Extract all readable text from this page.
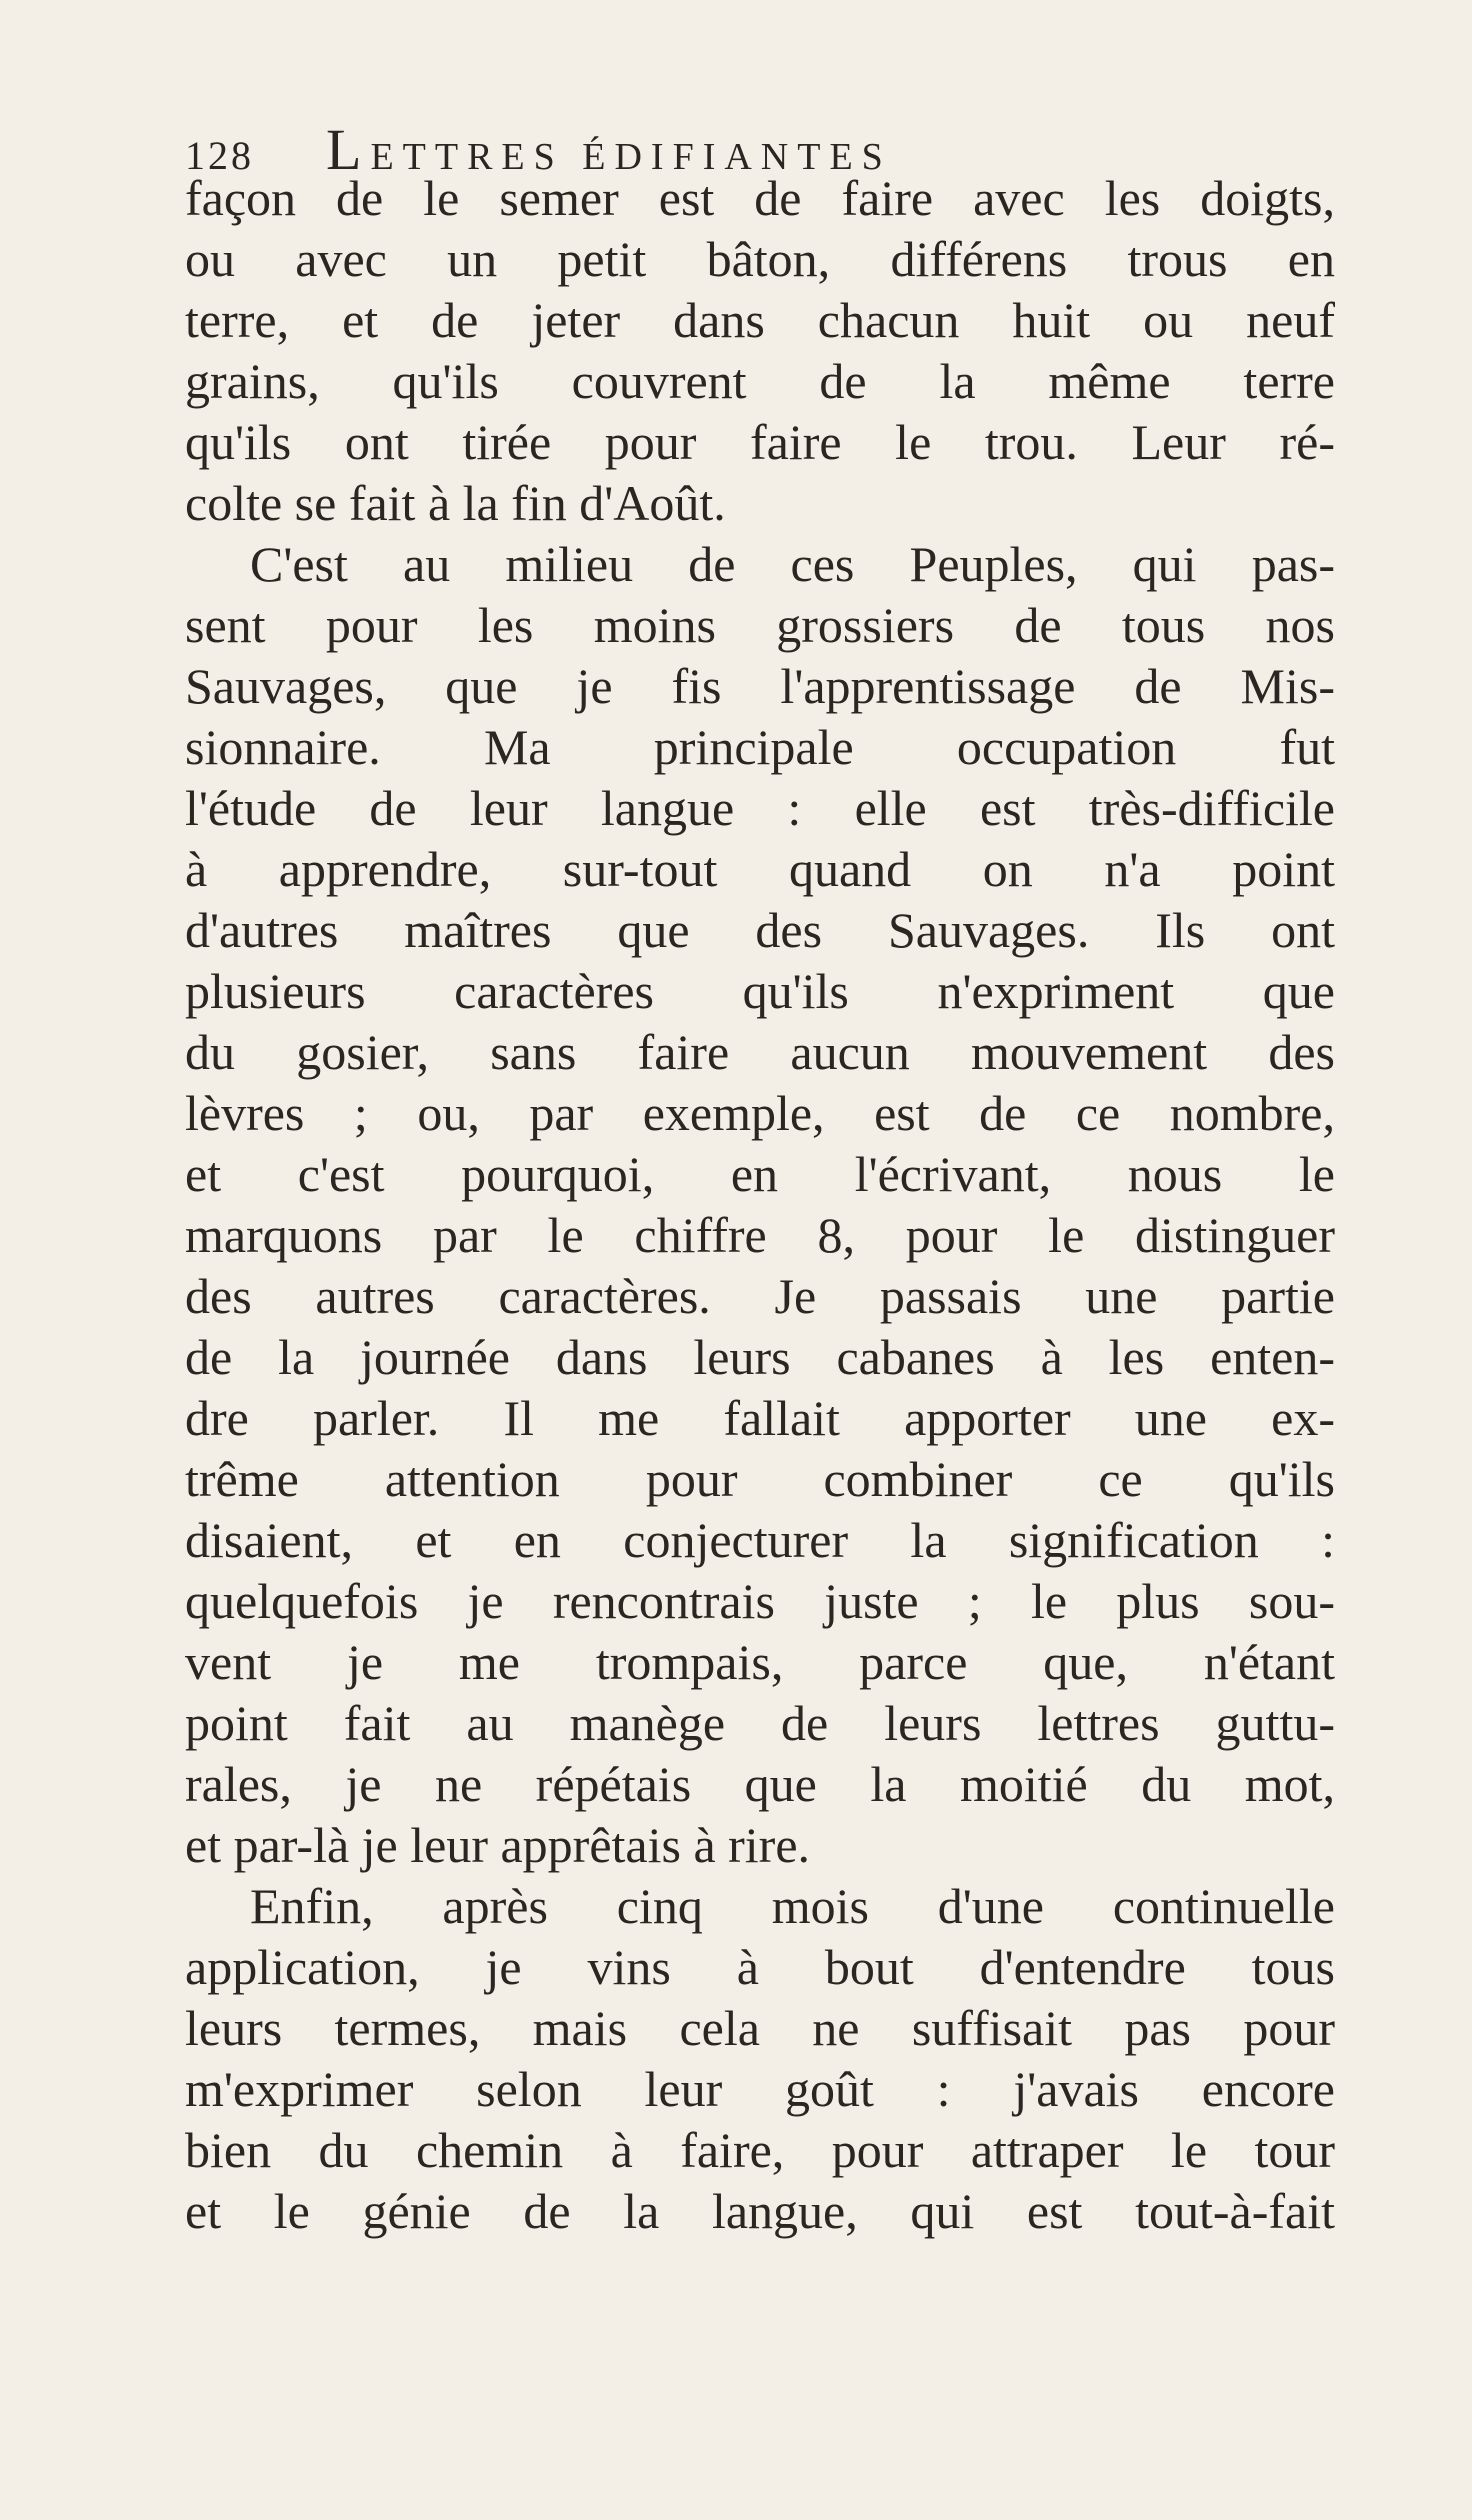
128 LETTRES ÉDIFIANTES
façon de le semer est de faire avec les doigts,
ou avec un petit bâton, différens trous en
terre, et de jeter dans chacun huit ou neuf
grains, qu'ils couvrent de la même terre
qu'ils ont tirée pour faire le trou. Leur ré-
colte se fait à la fin d'Août.
C'est au milieu de ces Peuples, qui pas-
sent pour les moins grossiers de tous nos
Sauvages, que je fis l'apprentissage de Mis-
sionnaire. Ma principale occupation fut
l'étude de leur langue : elle est très-difficile
à apprendre, sur-tout quand on n'a point
d'autres maîtres que des Sauvages. Ils ont
plusieurs caractères qu'ils n'expriment que
du gosier, sans faire aucun mouvement des
lèvres ; ou, par exemple, est de ce nombre,
et c'est pourquoi, en l'écrivant, nous le
marquons par le chiffre 8, pour le distinguer
des autres caractères. Je passais une partie
de la journée dans leurs cabanes à les enten-
dre parler. Il me fallait apporter une ex-
trême attention pour combiner ce qu'ils
disaient, et en conjecturer la signification :
quelquefois je rencontrais juste ; le plus sou-
vent je me trompais, parce que, n'étant
point fait au manège de leurs lettres guttu-
rales, je ne répétais que la moitié du mot,
et par-là je leur apprêtais à rire.
Enfin, après cinq mois d'une continuelle
application, je vins à bout d'entendre tous
leurs termes, mais cela ne suffisait pas pour
m'exprimer selon leur goût : j'avais encore
bien du chemin à faire, pour attraper le tour
et le génie de la langue, qui est tout-à-fait
